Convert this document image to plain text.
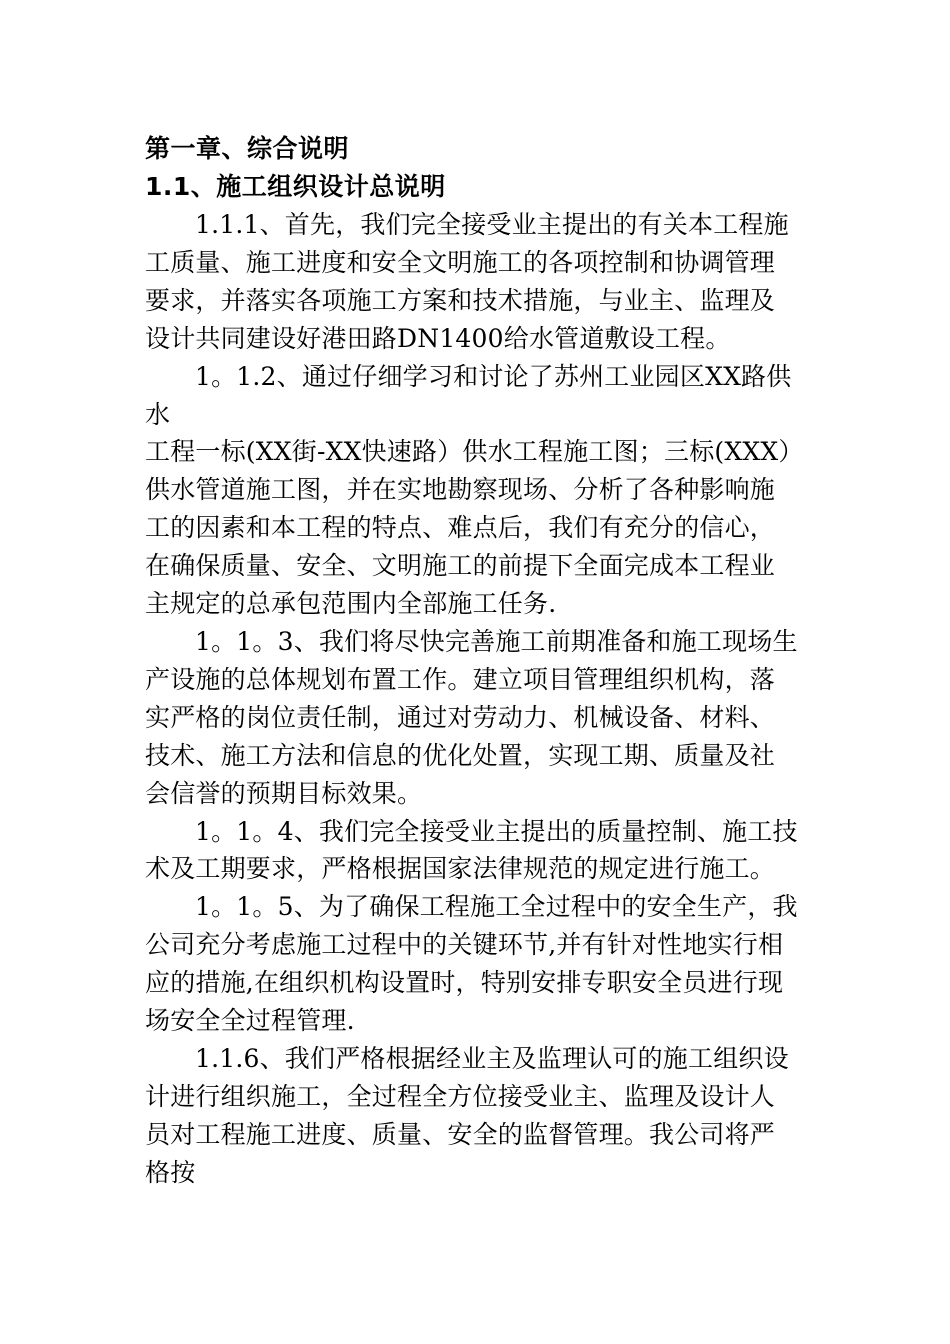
第一章、综合说明

1.1、施工组织设计总说明

1.1.1、首先，我们完全接受业主提出的有关本工程施

工质量、施工进度和安全文明施工的各项控制和协调管理

要求，并落实各项施工方案和技术措施，与业主、监理及

设计共同建设好港田路DN1400给水管道敷设工程。

1。1.2、通过仔细学习和讨论了苏州工业园区XX路供

水

工程一标(XX街-XX快速路）供水工程施工图；三标(XXX）

供水管道施工图，并在实地勘察现场、分析了各种影响施

工的因素和本工程的特点、难点后，我们有充分的信心，

在确保质量、安全、文明施工的前提下全面完成本工程业

主规定的总承包范围内全部施工任务.

1。1。3、我们将尽快完善施工前期准备和施工现场生

产设施的总体规划布置工作。建立项目管理组织机构，落

实严格的岗位责任制，通过对劳动力、机械设备、材料、

技术、施工方法和信息的优化处置，实现工期、质量及社

会信誉的预期目标效果。

1。1。4、我们完全接受业主提出的质量控制、施工技

术及工期要求，严格根据国家法律规范的规定进行施工。

1。1。5、为了确保工程施工全过程中的安全生产，我

公司充分考虑施工过程中的关键环节,并有针对性地实行相

应的措施,在组织机构设置时，特别安排专职安全员进行现

场安全全过程管理.

1.1.6、我们严格根据经业主及监理认可的施工组织设

计进行组织施工，全过程全方位接受业主、监理及设计人

员对工程施工进度、质量、安全的监督管理。我公司将严

格按
